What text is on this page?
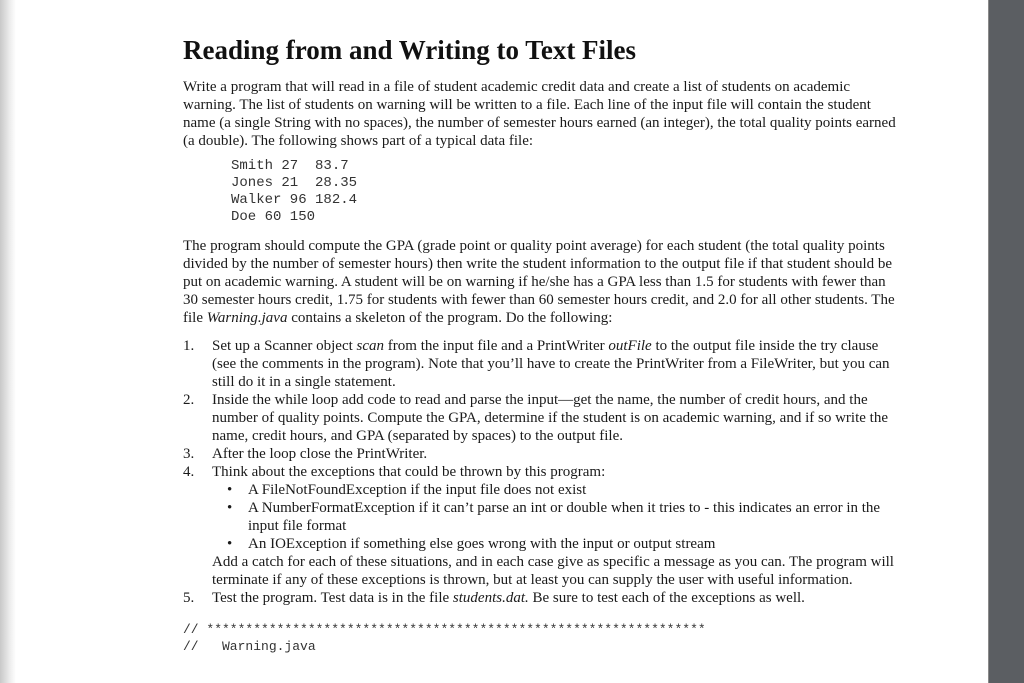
Reading from and Writing to Text Files

Write a program that will read in a file of student academic credit data and create a list of students on academic warning. The list of students on warning will be written to a file. Each line of the input file will contain the student name (a single String with no spaces), the number of semester hours earned (an integer), the total quality points earned (a double). The following shows part of a typical data file:

Smith 27  83.7
Jones 21  28.35
Walker 96 182.4
Doe 60 150

The program should compute the GPA (grade point or quality point average) for each student (the total quality points divided by the number of semester hours) then write the student information to the output file if that student should be put on academic warning. A student will be on warning if he/she has a GPA less than 1.5 for students with fewer than 30 semester hours credit, 1.75 for students with fewer than 60 semester hours credit, and 2.0 for all other students. The file Warning.java contains a skeleton of the program. Do the following:

1.	Set up a Scanner object scan from the input file and a PrintWriter outFile to the output file inside the try clause (see the comments in the program). Note that you’ll have to create the PrintWriter from a FileWriter, but you can still do it in a single statement.
2.	Inside the while loop add code to read and parse the input—get the name, the number of credit hours, and the number of quality points. Compute the GPA, determine if the student is on academic warning, and if so write the name, credit hours, and GPA (separated by spaces) to the output file.
3.	After the loop close the PrintWriter.
4.	Think about the exceptions that could be thrown by this program:
• A FileNotFoundException if the input file does not exist
• A NumberFormatException if it can’t parse an int or double when it tries to - this indicates an error in the input file format
• An IOException if something else goes wrong with the input or output stream
Add a catch for each of these situations, and in each case give as specific a message as you can. The program will terminate if any of these exceptions is thrown, but at least you can supply the user with useful information.
5.	Test the program. Test data is in the file students.dat. Be sure to test each of the exceptions as well.
// ****************************************************************
//   Warning.java
